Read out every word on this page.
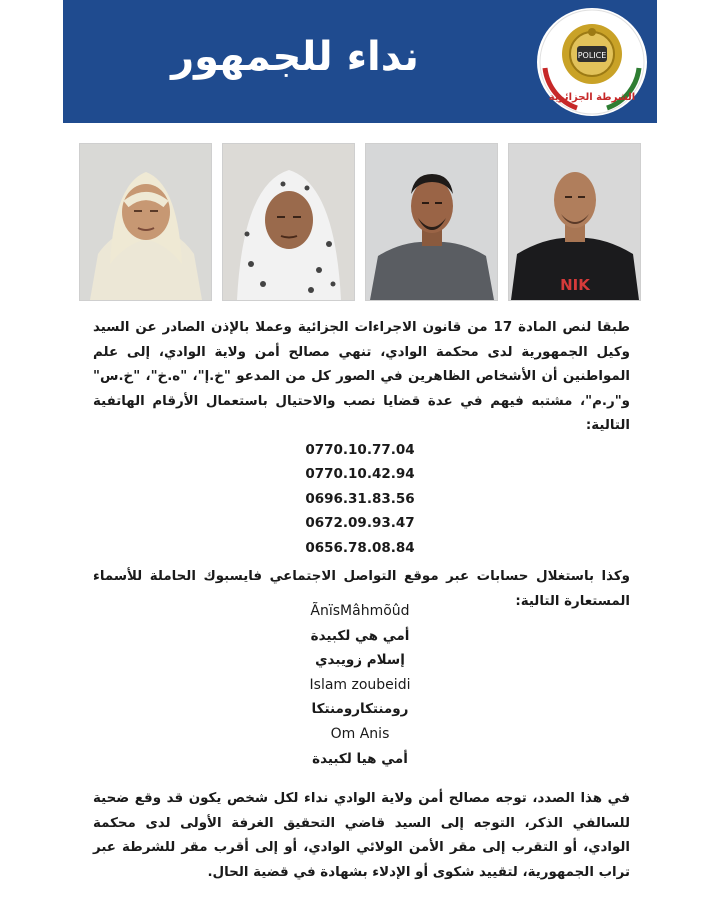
نداء للجمهور	POLICE
الشرطة الجزائرية
NIK
طبقا لنص المادة 17 من قانون الاجراءات الجزائية وعملا بالإذن الصادر عن السيد وكيل الجمهورية لدى محكمة الوادي، تنهي مصالح أمن ولاية الوادي، إلى علم المواطنين أن الأشخاص الظاهرين في الصور كل من المدعو "خ.إ"، "ه.خ"، "خ.س" و"ر.م"، مشتبه فيهم في عدة قضايا نصب والاحتيال باستعمال الأرقام الهاتفية التالية:
0770.10.77.04
0770.10.42.94
0696.31.83.56
0672.09.93.47
0656.78.08.84
وكذا باستغلال حسابات عبر موقع التواصل الاجتماعي فايسبوك الحاملة للأسماء المستعارة التالية:
ÃnïsMâhmõûd
أمي هي لكبيدة
إسلام زويبدي
Islam zoubeidi
رومنتكارومنتكا
Om Anis
أمي هيا لكبيدة
في هذا الصدد، توجه مصالح أمن ولاية الوادي نداء لكل شخص يكون قد وقع ضحية للسالفي الذكر، التوجه إلى السيد قاضي التحقيق الغرفة الأولى لدى محكمة الوادي، أو التقرب إلى مقر الأمن الولائي الوادي، أو إلى أقرب مقر للشرطة عبر تراب الجمهورية، لتقييد شكوى أو الإدلاء بشهادة في قضية الحال.
